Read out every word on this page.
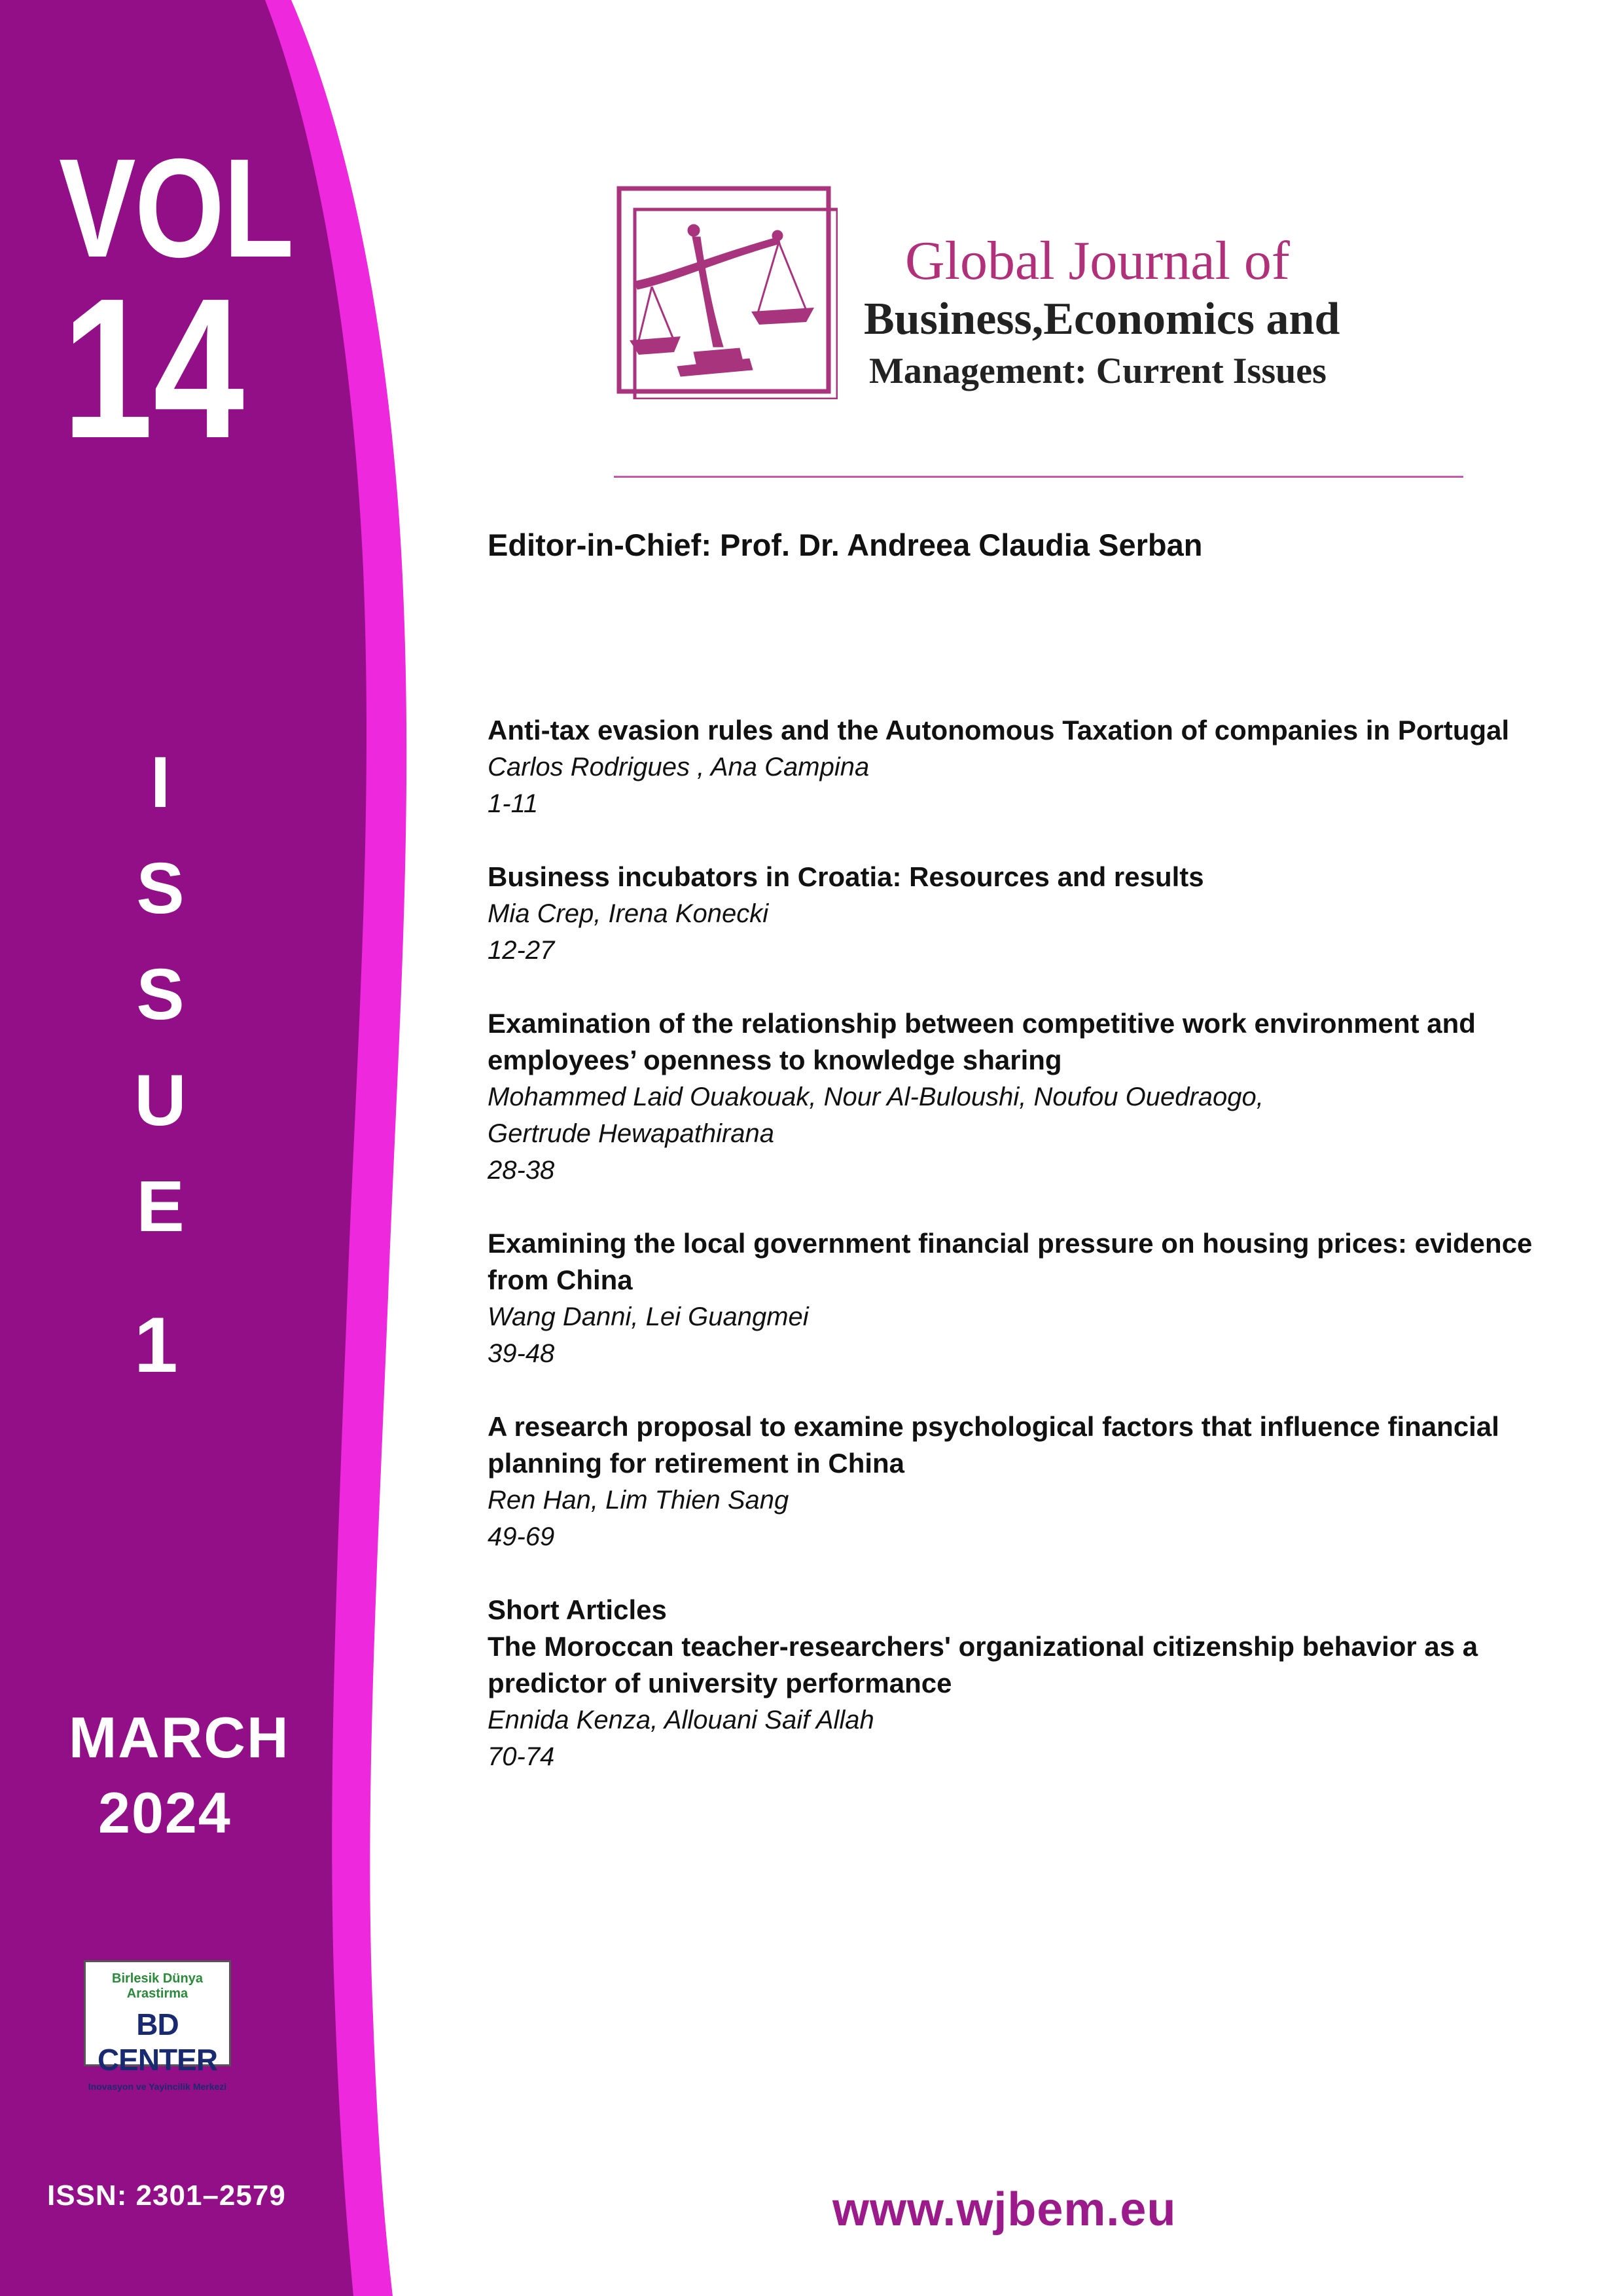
VOL
14
I
S
S
U
E
1
MARCH
2024
Birlesik Dünya Arastirma
BD CENTER
Inovasyon ve Yayincilik Merkezi
ISSN: 2301–2579
Global Journal of
Business,Economics and
Management: Current Issues
Editor-in-Chief: Prof. Dr. Andreea Claudia Serban
Anti-tax evasion rules and the Autonomous Taxation of companies in Portugal
Carlos Rodrigues , Ana Campina
1-11
Business incubators in Croatia: Resources and results
Mia Crep, Irena Konecki
12-27
Examination of the relationship between competitive work environment and
employees’ openness to knowledge sharing
Mohammed Laid Ouakouak, Nour Al-Buloushi, Noufou Ouedraogo,
Gertrude Hewapathirana
28-38
Examining the local government financial pressure on housing prices: evidence
from China
Wang Danni, Lei Guangmei
39-48
A research proposal to examine psychological factors that influence financial
planning for retirement in China
Ren Han, Lim Thien Sang
49-69
Short Articles
The Moroccan teacher-researchers' organizational citizenship behavior as a
predictor of university performance
Ennida Kenza, Allouani Saif Allah
70-74
www.wjbem.eu
